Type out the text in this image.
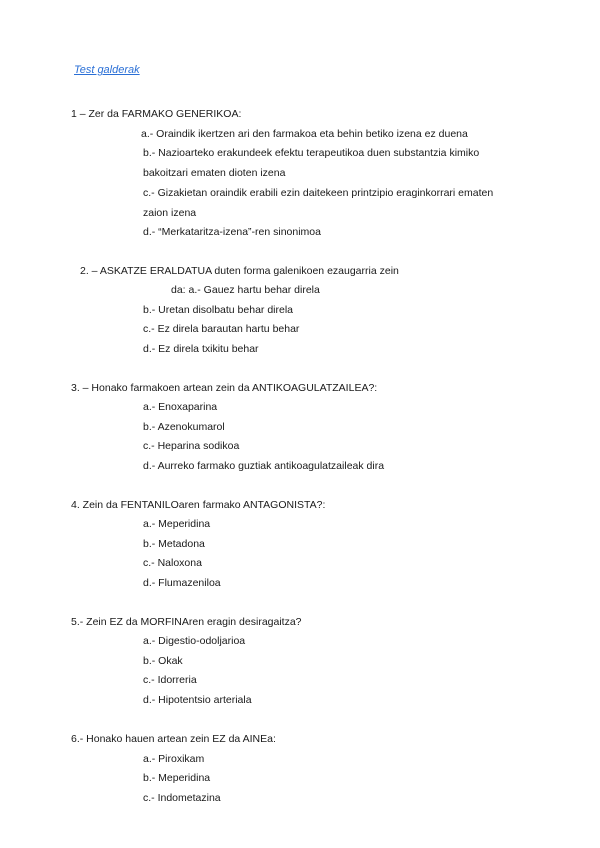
Test galderak
1 – Zer da FARMAKO GENERIKOA:
a.- Oraindik ikertzen ari den farmakoa eta behin betiko izena ez duena
b.- Nazioarteko erakundeek efektu terapeutikoa duen substantzia kimiko
bakoitzari ematen dioten izena
c.- Gizakietan oraindik erabili ezin daitekeen printzipio eraginkorrari ematen
zaion izena
d.- “Merkataritza-izena”-ren sinonimoa
2. – ASKATZE ERALDATUA duten forma galenikoen ezaugarria zein
da: a.- Gauez hartu behar direla
b.- Uretan disolbatu behar direla
c.- Ez direla barautan hartu behar
d.- Ez direla txikitu behar
3. – Honako farmakoen artean zein da ANTIKOAGULATZAILEA?:
a.- Enoxaparina
b.- Azenokumarol
c.- Heparina sodikoa
d.- Aurreko farmako guztiak antikoagulatzaileak dira
4. Zein da FENTANILOaren farmako ANTAGONISTA?:
a.- Meperidina
b.- Metadona
c.- Naloxona
d.- Flumazeniloa
5.- Zein EZ da MORFINAren eragin desiragaitza?
a.- Digestio-odoljarioa
b.- Okak
c.- Idorreria
d.- Hipotentsio arteriala
6.- Honako hauen artean zein EZ da AINEa:
a.- Piroxikam
b.- Meperidina
c.- Indometazina
